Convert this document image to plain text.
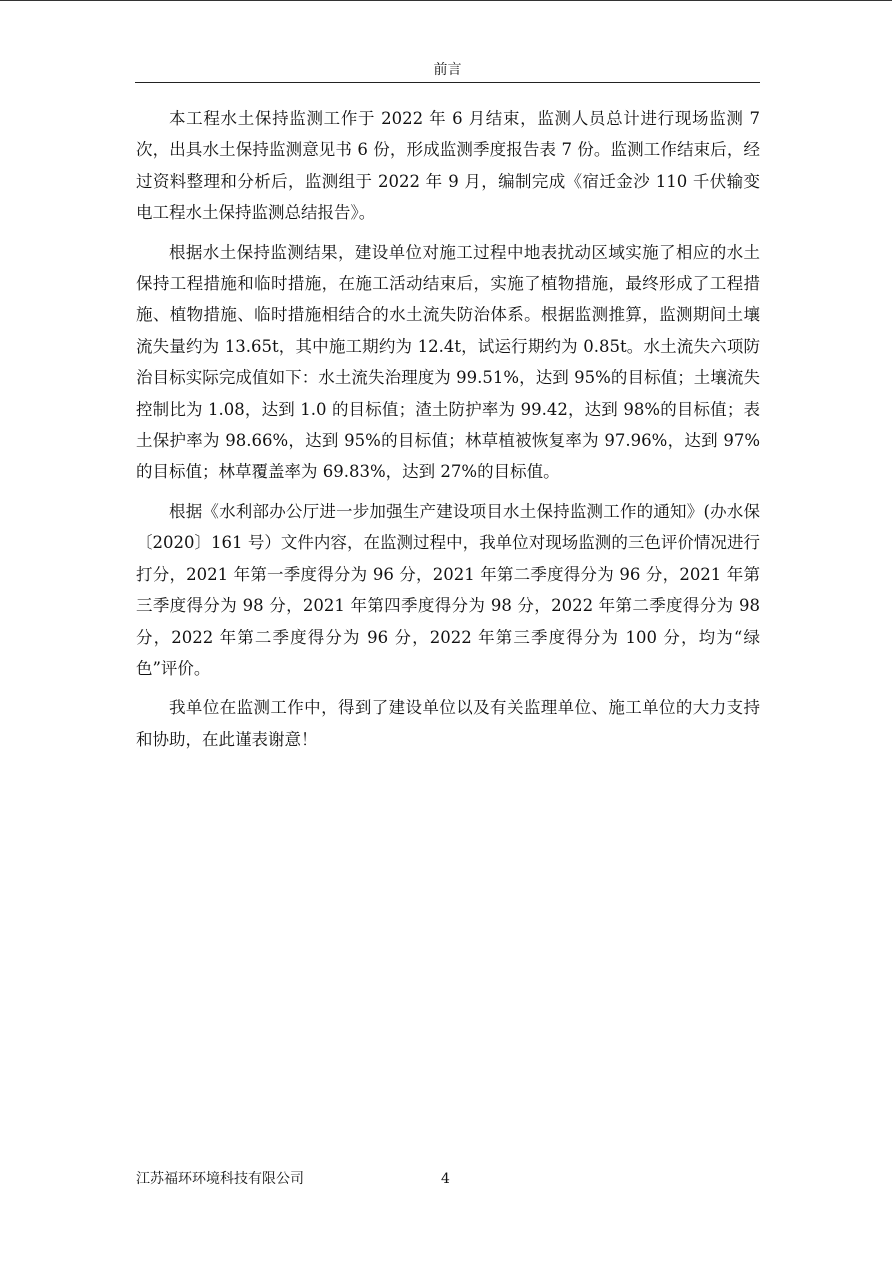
前言

本工程水土保持监测工作于 2022 年 6 月结束，监测人员总计进行现场监测 7 次，出具水土保持监测意见书 6 份，形成监测季度报告表 7 份。监测工作结束后，经过资料整理和分析后，监测组于 2022 年 9 月，编制完成《宿迁金沙 110 千伏输变电工程水土保持监测总结报告》。

根据水土保持监测结果，建设单位对施工过程中地表扰动区域实施了相应的水土保持工程措施和临时措施，在施工活动结束后，实施了植物措施，最终形成了工程措施、植物措施、临时措施相结合的水土流失防治体系。根据监测推算，监测期间土壤流失量约为 13.65t，其中施工期约为 12.4t，试运行期约为 0.85t。水土流失六项防治目标实际完成值如下：水土流失治理度为 99.51%，达到 95%的目标值；土壤流失控制比为 1.08，达到 1.0 的目标值；渣土防护率为 99.42，达到 98%的目标值；表土保护率为 98.66%，达到 95%的目标值；林草植被恢复率为 97.96%，达到 97%的目标值；林草覆盖率为 69.83%，达到 27%的目标值。

根据《水利部办公厅进一步加强生产建设项目水土保持监测工作的通知》(办水保〔2020〕161 号）文件内容，在监测过程中，我单位对现场监测的三色评价情况进行打分，2021 年第一季度得分为 96 分，2021 年第二季度得分为 96 分，2021 年第三季度得分为 98 分，2021 年第四季度得分为 98 分，2022 年第二季度得分为 98 分，2022 年第二季度得分为 96 分，2022 年第三季度得分为 100 分，均为“绿色”评价。

我单位在监测工作中，得到了建设单位以及有关监理单位、施工单位的大力支持和协助，在此谨表谢意！

江苏福环环境科技有限公司	4
